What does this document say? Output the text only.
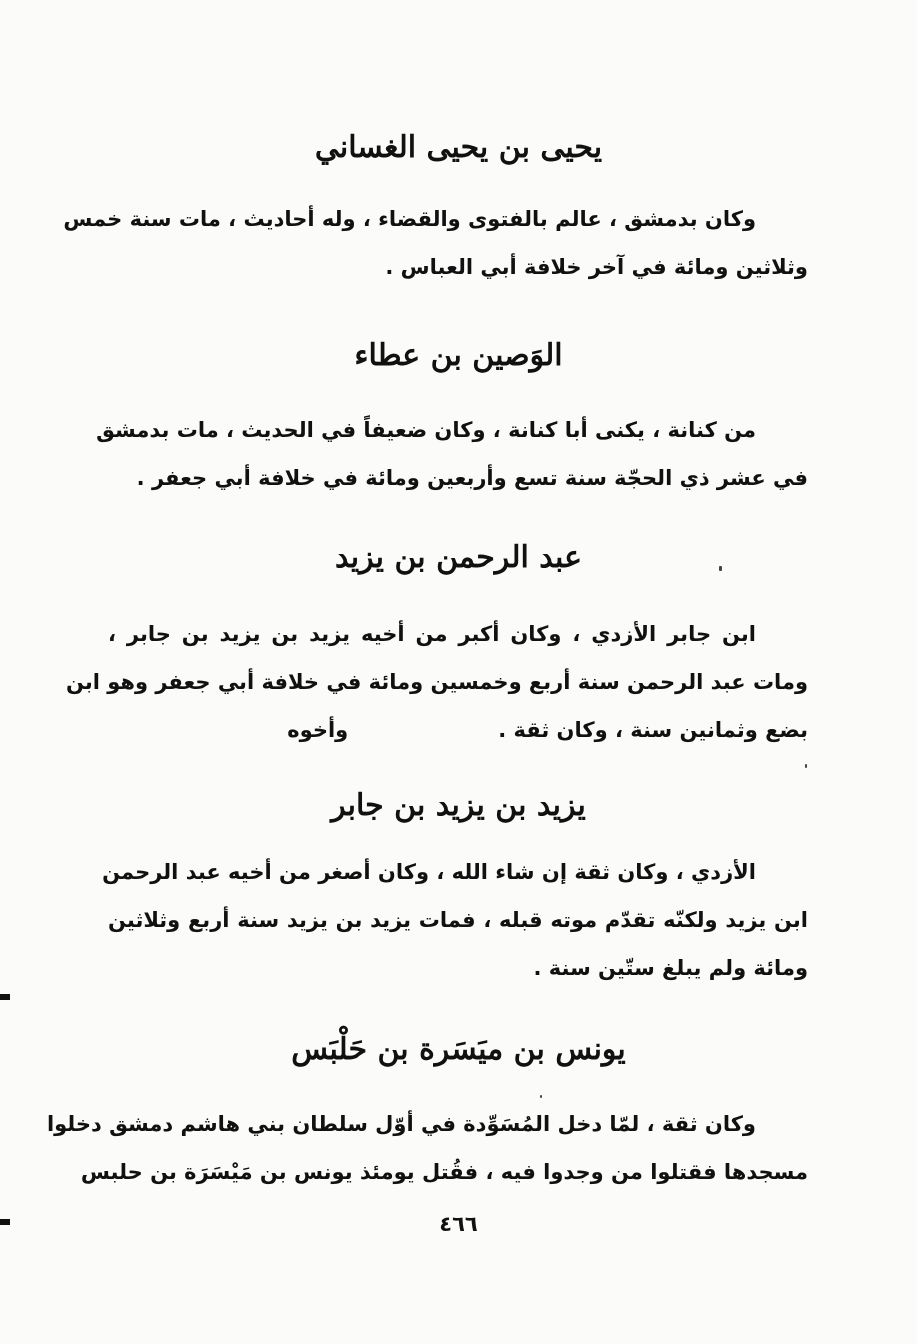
يحيى بن يحيى الغساني
وكان بدمشق ، عالم بالفتوى والقضاء ، وله أحاديث ، مات سنة خمس
وثلاثين ومائة في آخر خلافة أبي العباس .
الوَصين بن عطاء
من كنانة ، يكنى أبا كنانة ، وكان ضعيفاً في الحديث ، مات بدمشق
في عشر ذي الحجّة سنة تسع وأربعين ومائة في خلافة أبي جعفر .
عبد الرحمن بن يزيد
ابن جابر الأزدي ، وكان أكبر من أخيه يزيد بن يزيد بن جابر ،
ومات عبد الرحمن سنة أربع وخمسين ومائة في خلافة أبي جعفر وهو ابن
بضع وثمانين سنة ، وكان ثقة .وأخوه
يزيد بن يزيد بن جابر
الأزدي ، وكان ثقة إن شاء الله ، وكان أصغر من أخيه عبد الرحمن
ابن يزيد ولكنّه تقدّم موته قبله ، فمات يزيد بن يزيد سنة أربع وثلاثين
ومائة ولم يبلغ ستّين سنة .
يونس بن ميَسَرة بن حَلْبَس
وكان ثقة ، لمّا دخل المُسَوِّدة في أوّل سلطان بني هاشم دمشق دخلوا
مسجدها فقتلوا من وجدوا فيه ، فقُتل يومئذ يونس بن مَيْسَرَة بن حلبس
٤٦٦
